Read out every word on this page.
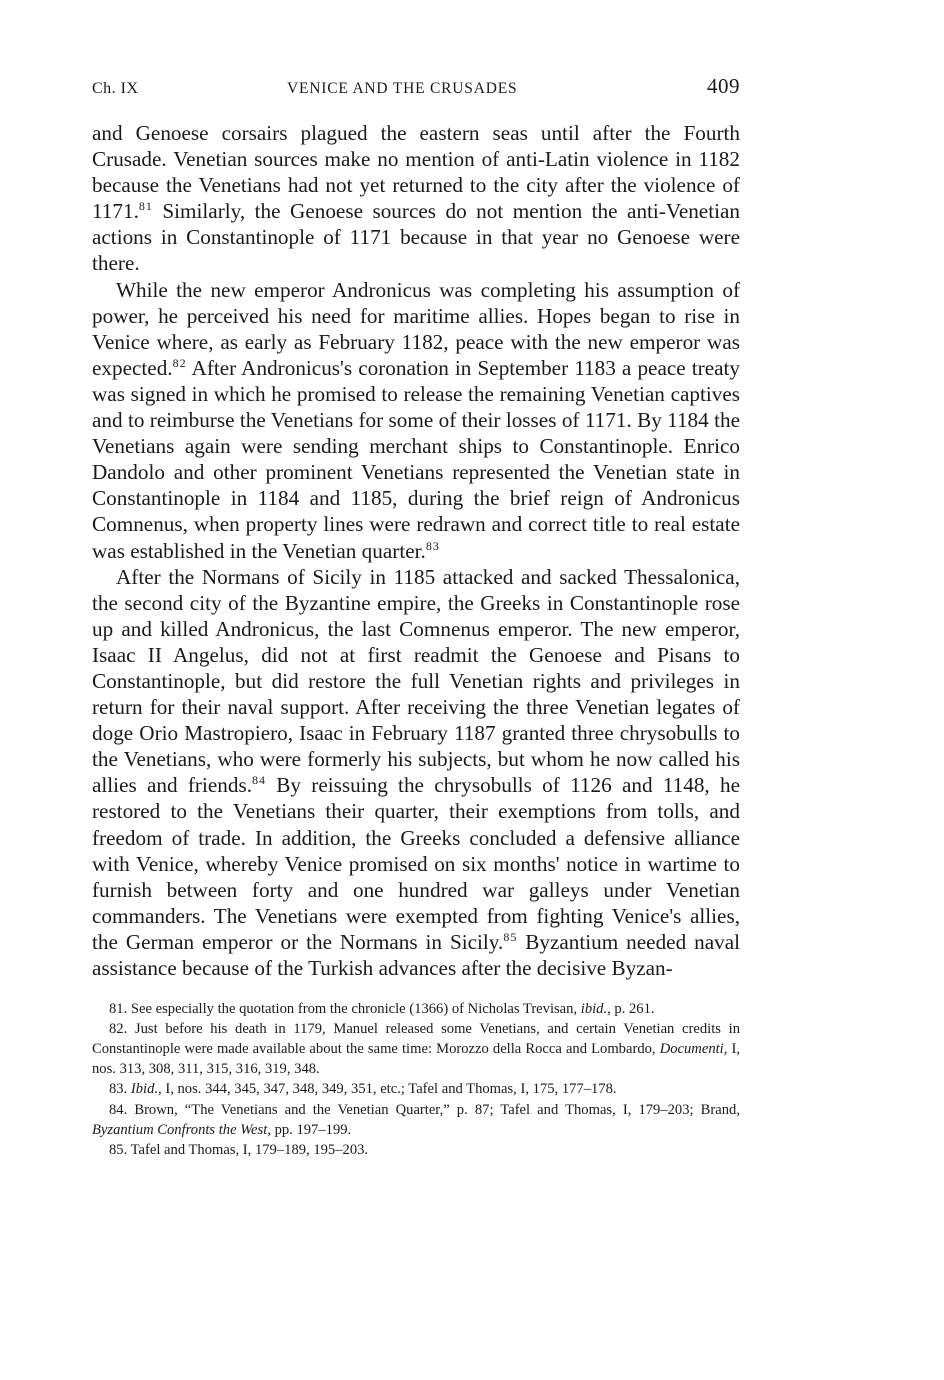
Ch. IX	VENICE AND THE CRUSADES	409

and Genoese corsairs plagued the eastern seas until after the Fourth Crusade. Venetian sources make no mention of anti-Latin violence in 1182 because the Venetians had not yet returned to the city after the violence of 1171.81 Similarly, the Genoese sources do not mention the anti-Venetian actions in Constantinople of 1171 because in that year no Genoese were there.

While the new emperor Andronicus was completing his assumption of power, he perceived his need for maritime allies. Hopes began to rise in Venice where, as early as February 1182, peace with the new emperor was expected.$^{82}$ After Andronicus's coronation in September 1183 a peace treaty was signed in which he promised to release the remaining Venetian captives and to reimburse the Venetians for some of their losses of 1171. By 1184 the Venetians again were sending merchant ships to Constantinople. Enrico Dandolo and other prominent Venetians represented the Venetian state in Constantinople in 1184 and 1185, during the brief reign of Andronicus Comnenus, when property lines were redrawn and correct title to real estate was established in the Venetian quarter.$^{83}$

After the Normans of Sicily in 1185 attacked and sacked Thessalonica, the second city of the Byzantine empire, the Greeks in Constantinople rose up and killed Andronicus, the last Comnenus emperor. The new emperor, Isaac II Angelus, did not at first readmit the Genoese and Pisans to Constantinople, but did restore the full Venetian rights and privileges in return for their naval support. After receiving the three Venetian legates of doge Orio Mastropiero, Isaac in February 1187 granted three chrysobulls to the Venetians, who were formerly his subjects, but whom he now called his allies and friends.$^{84}$ By reissuing the chrysobulls of 1126 and 1148, he restored to the Venetians their quarter, their exemptions from tolls, and freedom of trade. In addition, the Greeks concluded a defensive alliance with Venice, whereby Venice promised on six months' notice in wartime to furnish between forty and one hundred war galleys under Venetian commanders. The Venetians were exempted from fighting Venice's allies, the German emperor or the Normans in Sicily.$^{85}$ Byzantium needed naval assistance because of the Turkish advances after the decisive Byzan-

81. See especially the quotation from the chronicle (1366) of Nicholas Trevisan, ibid., p. 261.

82. Just before his death in 1179, Manuel released some Venetians, and certain Venetian credits in Constantinople were made available about the same time: Morozzo della Rocca and Lombardo, Documenti, I, nos. 313, 308, 311, 315, 316, 319, 348.

83. Ibid., I, nos. 344, 345, 347, 348, 349, 351, etc.; Tafel and Thomas, I, 175, 177–178.

84. Brown, “The Venetians and the Venetian Quarter,” p. 87; Tafel and Thomas, I, 179–203; Brand, Byzantium Confronts the West, pp. 197–199.

85. Tafel and Thomas, I, 179–189, 195–203.
